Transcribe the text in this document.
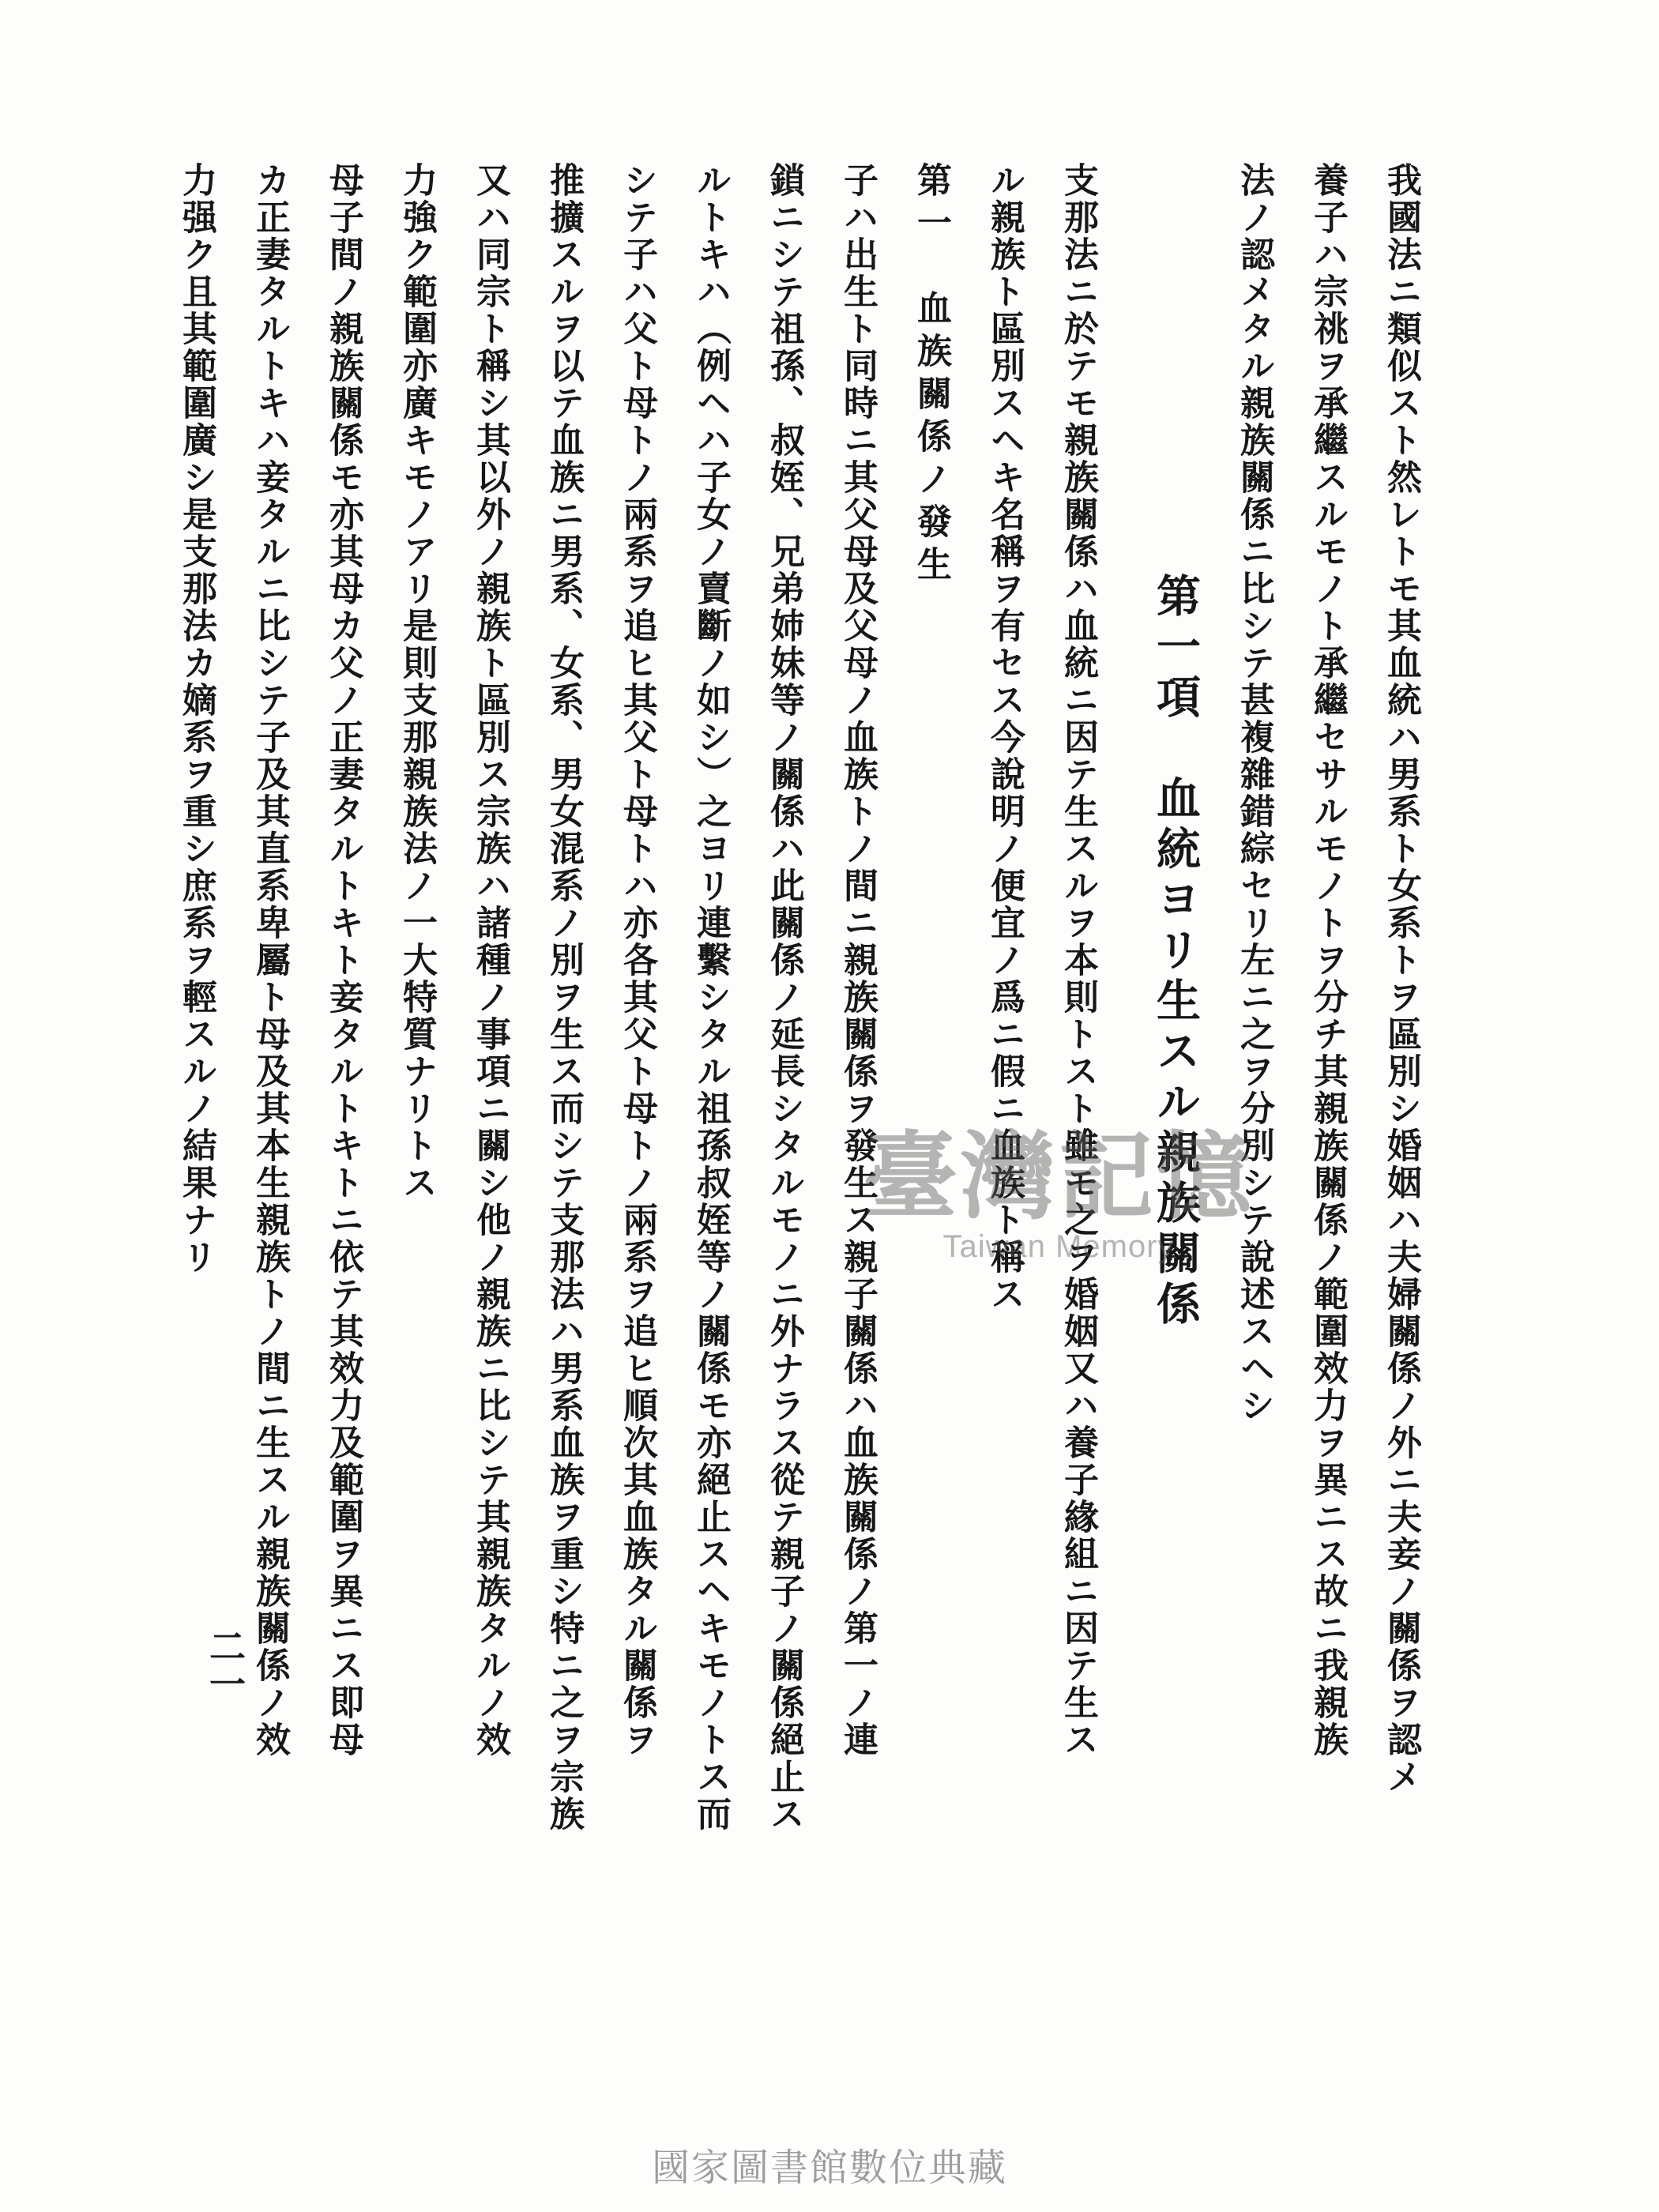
我國法ニ類似スト然レトモ其血統ハ男系ト女系トヲ區別シ婚姻ハ夫婦關係ノ外ニ夫妾ノ關係ヲ認メ
養子ハ宗祧ヲ承繼スルモノト承繼セサルモノトヲ分チ其親族關係ノ範圍效力ヲ異ニス故ニ我親族
法ノ認メタル親族關係ニ比シテ甚複雜錯綜セリ左ニ之ヲ分別シテ說述スヘシ
第一項　血統ヨリ生スル親族關係
支那法ニ於テモ親族關係ハ血統ニ因テ生スルヲ本則トスト雖モ之ヲ婚姻又ハ養子緣組ニ因テ生ス
ル親族ト區別スヘキ名稱ヲ有セス今說明ノ便宜ノ爲ニ假ニ血族ト稱ス
第一　血族關係ノ發生
子ハ出生ト同時ニ其父母及父母ノ血族トノ間ニ親族關係ヲ發生ス親子關係ハ血族關係ノ第一ノ連
鎖ニシテ祖孫、叔姪、兄弟姉妹等ノ關係ハ此關係ノ延長シタルモノニ外ナラス從テ親子ノ關係絕止ス
ルトキハ（例ヘハ子女ノ賣斷ノ如シ）之ヨリ連繫シタル祖孫叔姪等ノ關係モ亦絕止スヘキモノトス而
シテ子ハ父ト母トノ兩系ヲ追ヒ其父ト母トハ亦各其父ト母トノ兩系ヲ追ヒ順次其血族タル關係ヲ
推擴スルヲ以テ血族ニ男系、女系、男女混系ノ別ヲ生ス而シテ支那法ハ男系血族ヲ重シ特ニ之ヲ宗族
又ハ同宗ト稱シ其以外ノ親族ト區別ス宗族ハ諸種ノ事項ニ關シ他ノ親族ニ比シテ其親族タルノ效
力強ク範圍亦廣キモノアリ是則支那親族法ノ一大特質ナリトス
母子間ノ親族關係モ亦其母カ父ノ正妻タルトキト妾タルトキトニ依テ其效力及範圍ヲ異ニス即母
カ正妻タルトキハ妾タルニ比シテ子及其直系卑屬ト母及其本生親族トノ間ニ生スル親族關係ノ效
力强ク且其範圍廣シ是支那法カ嫡系ヲ重シ庶系ヲ輕スルノ結果ナリ
二一
臺灣記憶
Taiwan Memory
國家圖書館數位典藏
